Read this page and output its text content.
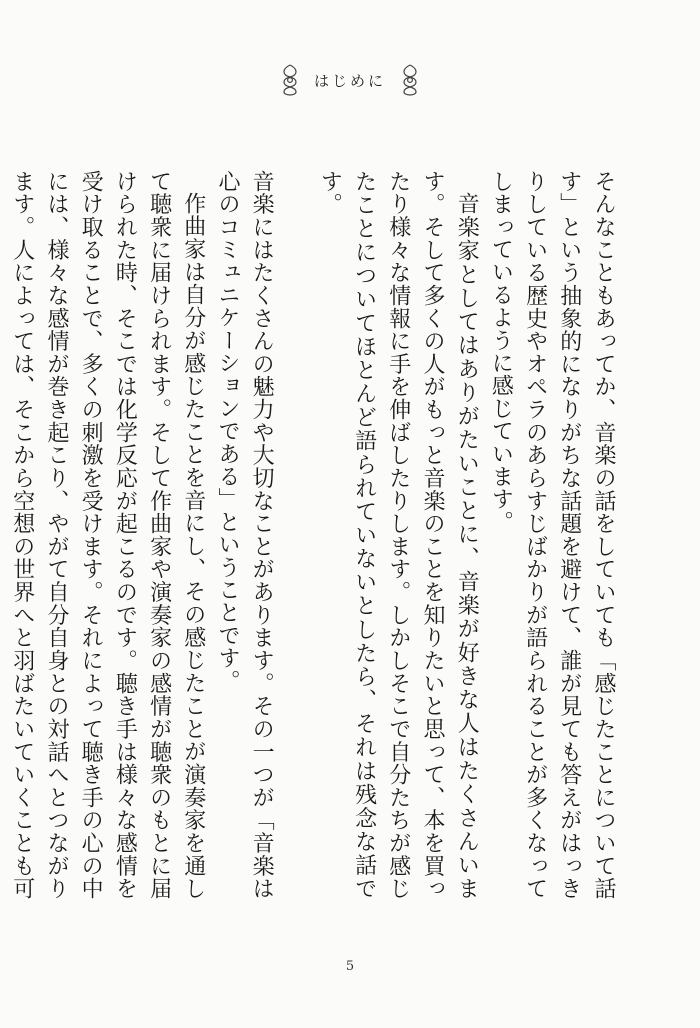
はじめに

そんなこともあってか、音楽の話をしていても「感じたことについて話す」という抽象的になりがちな話題を避けて、誰が見ても答えがはっきりしている歴史やオペラのあらすじばかりが語られることが多くなってしまっているように感じています。

音楽家としてはありがたいことに、音楽が好きな人はたくさんいます。そして多くの人がもっと音楽のことを知りたいと思って、本を買ったり様々な情報に手を伸ばしたりします。しかしそこで自分たちが感じたことについてほとんど語られていないとしたら、それは残念な話です。

音楽にはたくさんの魅力や大切なことがあります。その一つが「音楽は心のコミュニケーションである」ということです。

作曲家は自分が感じたことを音にし、その感じたことが演奏家を通して聴衆に届けられます。そして作曲家や演奏家の感情が聴衆のもとに届けられた時、そこでは化学反応が起こるのです。聴き手は様々な感情を受け取ることで、多くの刺激を受けます。それによって聴き手の心の中には、様々な感情が巻き起こり、やがて自分自身との対話へとつながります。人によっては、そこから空想の世界へと羽ばたいていくことも可

5
